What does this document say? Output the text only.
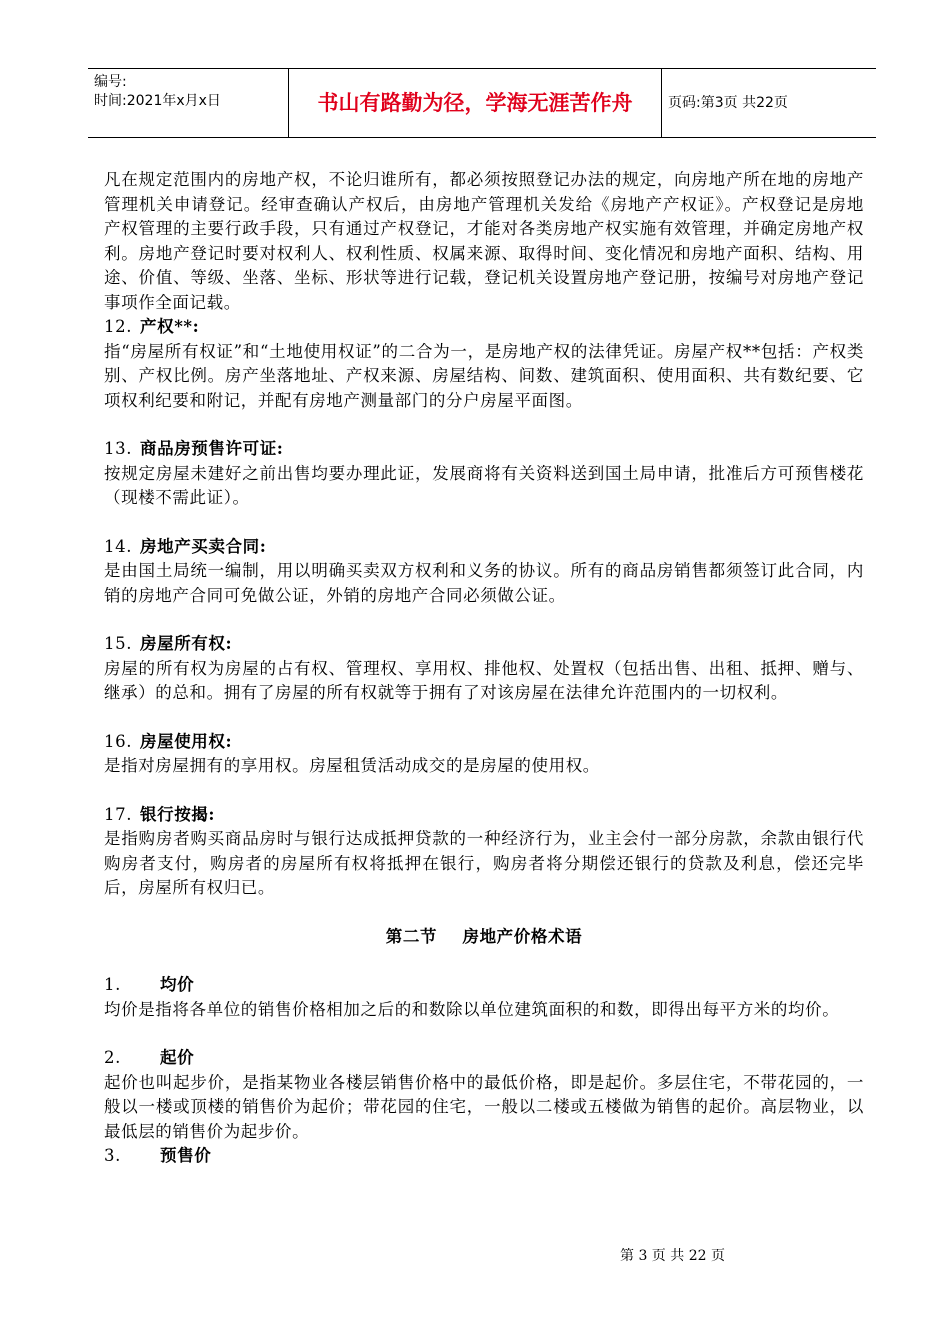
编号:
时间:2021年x月x日	书山有路勤为径，学海无涯苦作舟	页码:第3页 共22页

凡在规定范围内的房地产权，不论归谁所有，都必须按照登记办法的规定，向房地产所在地的房地产管理机关申请登记。经审查确认产权后，由房地产管理机关发给《房地产产权证》。产权登记是房地产权管理的主要行政手段，只有通过产权登记，才能对各类房地产权实施有效管理，并确定房地产权利。房地产登记时要对权利人、权利性质、权属来源、取得时间、变化情况和房地产面积、结构、用途、价值、等级、坐落、坐标、形状等进行记载，登记机关设置房地产登记册，按编号对房地产登记事项作全面记载。

12. 产权**:

指“房屋所有权证”和“土地使用权证”的二合为一，是房地产权的法律凭证。房屋产权**包括：产权类别、产权比例。房产坐落地址、产权来源、房屋结构、间数、建筑面积、使用面积、共有数纪要、它项权利纪要和附记，并配有房地产测量部门的分户房屋平面图。

13. 商品房预售许可证:

按规定房屋未建好之前出售均要办理此证，发展商将有关资料送到国土局申请，批准后方可预售楼花（现楼不需此证）。

14. 房地产买卖合同:

是由国土局统一编制，用以明确买卖双方权利和义务的协议。所有的商品房销售都须签订此合同，内销的房地产合同可免做公证，外销的房地产合同必须做公证。

15. 房屋所有权:

房屋的所有权为房屋的占有权、管理权、享用权、排他权、处置权（包括出售、出租、抵押、赠与、继承）的总和。拥有了房屋的所有权就等于拥有了对该房屋在法律允许范围内的一切权利。

16. 房屋使用权:

是指对房屋拥有的享用权。房屋租赁活动成交的是房屋的使用权。

17. 银行按揭:

是指购房者购买商品房时与银行达成抵押贷款的一种经济行为，业主会付一部分房款，余款由银行代购房者支付，购房者的房屋所有权将抵押在银行，购房者将分期偿还银行的贷款及利息，偿还完毕后，房屋所有权归已。

第二节    房地产价格术语

1. 均价

均价是指将各单位的销售价格相加之后的和数除以单位建筑面积的和数，即得出每平方米的均价。

2. 起价

起价也叫起步价，是指某物业各楼层销售价格中的最低价格，即是起价。多层住宅，不带花园的，一般以一楼或顶楼的销售价为起价；带花园的住宅，一般以二楼或五楼做为销售的起价。高层物业，以最低层的销售价为起步价。

3. 预售价

第 3 页 共 22 页
